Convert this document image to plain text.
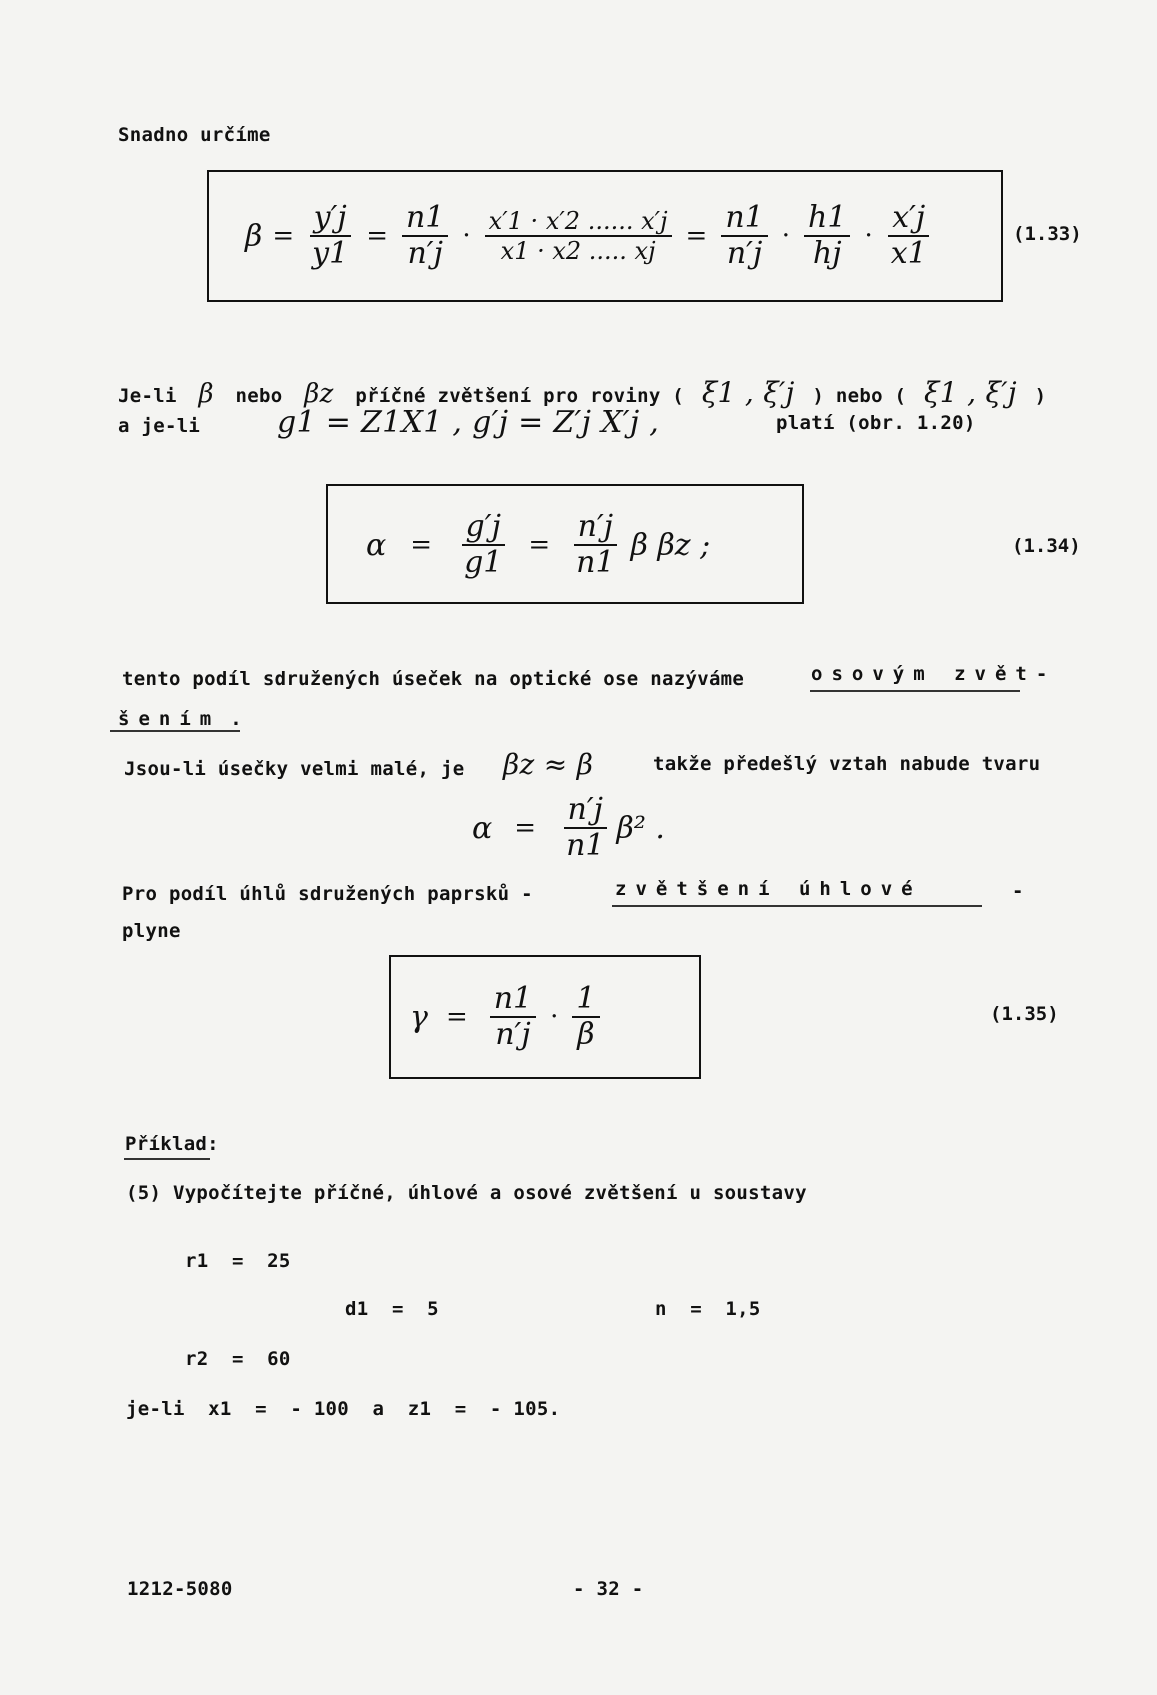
Snadno určíme
$\beta = \frac{y'j}{y1} = \frac{n1}{n'j} \cdot \frac{x'1 \cdot x'2 ...... x'j}{x1 \cdot x2 ..... xj} = \frac{n1}{n'j} \cdot \frac{h1}{hj} \cdot \frac{x'j}{x1}$	(1.33)
Je-li β nebo βz příčné zvětšení pro roviny ( ξ1 , ξ′j ) nebo ( ξ1 , ξ′j )
a je-li	g1 = Z1X1 , g′j = Z′j X′j ,	platí (obr. 1.20)
$\alpha = \frac{g'j}{g1} = \frac{n'j}{n1}$ β βz ;	(1.34)
tento podíl sdružených úseček na optické ose nazýváme	osovým zvět-
šením .
Jsou-li úsečky velmi malé, je βz ≈ β	takže předešlý vztah nabude tvaru
$\alpha = \frac{n'j}{n1} \beta^2$ .
Pro podíl úhlů sdružených paprsků -	zvětšení úhlové	-
plyne
$\gamma = \frac{n1}{n'j} \cdot \frac{1}{\beta}$	(1.35)
Příklad:
(5) Vypočítejte příčné, úhlové a osové zvětšení u soustavy
r1  =  25
d1  =  5	n  =  1,5
r2  =  60
je-li  x1  =  - 100  a  z1  =  - 105.
1212-5080	- 32 -
